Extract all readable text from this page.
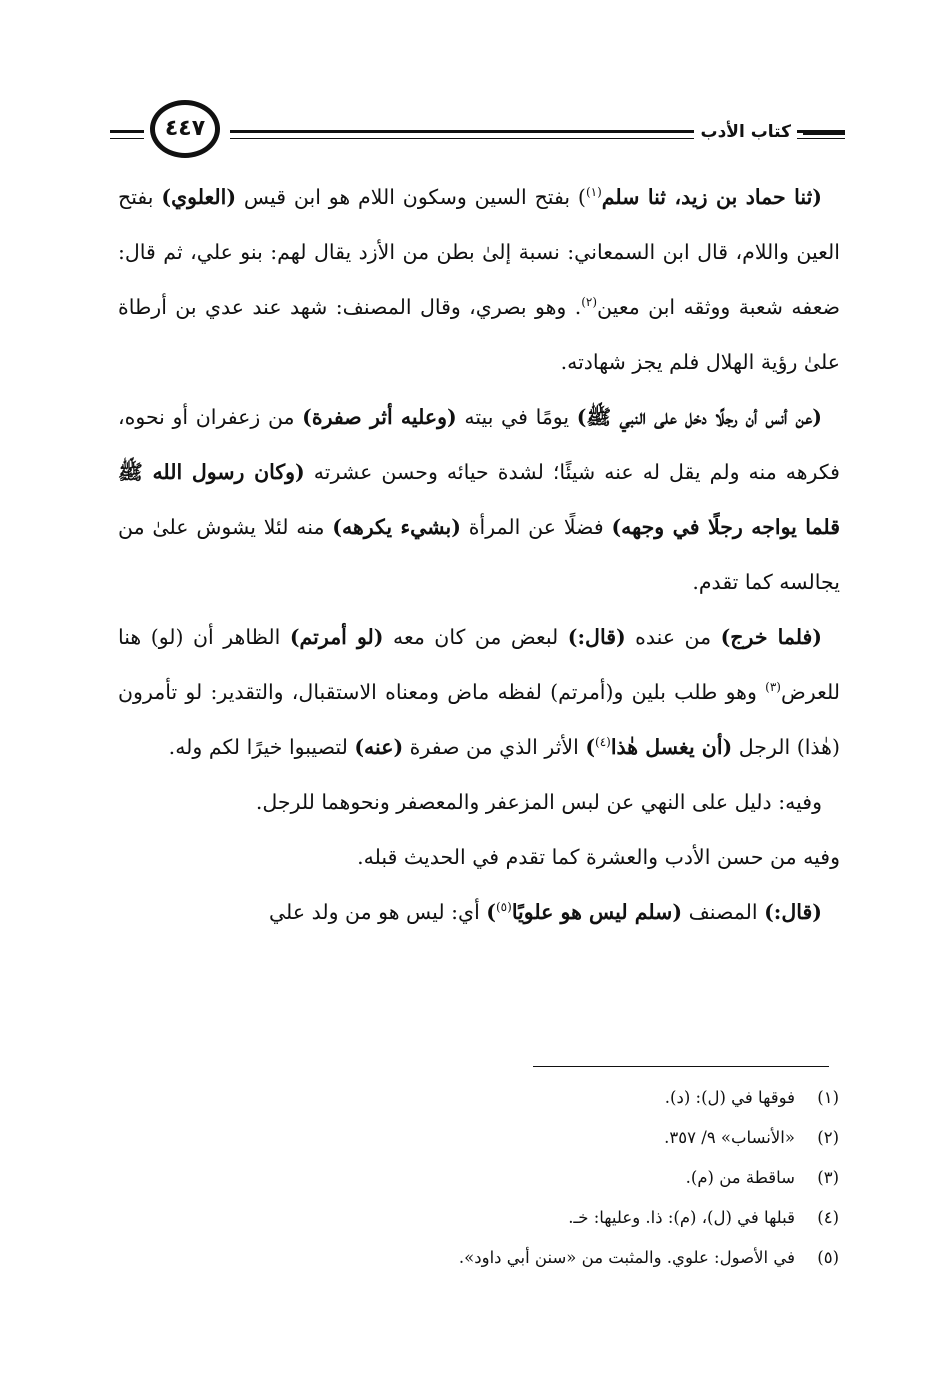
كتاب الأدب
٤٤٧

(ثنا حماد بن زيد، ثنا سلم$^{(١)}$) بفتح السين وسكون اللام هو ابن قيس (العلوي) بفتح العين واللام، قال ابن السمعاني: نسبة إلىٰ بطن من الأزد يقال لهم: بنو علي، ثم قال: ضعفه شعبة ووثقه ابن معين$^{(٢)}$. وهو بصري، وقال المصنف: شهد عند عدي بن أرطاة علىٰ رؤية الهلال فلم يجز شهادته.

(عن أنس أن رجلًا دخل على النبي ﷺ) يومًا في بيته (وعليه أثر صفرة) من زعفران أو نحوه، فكرهه منه ولم يقل له عنه شيئًا؛ لشدة حيائه وحسن عشرته (وكان رسول الله ﷺ قلما يواجه رجلًا في وجهه) فضلًا عن المرأة (بشيء يكرهه) منه لئلا يشوش علىٰ من يجالسه كما تقدم.

(فلما خرج) من عنده (قال:) لبعض من كان معه (لو أمرتم) الظاهر أن (لو) هنا للعرض$^{(٣)}$ وهو طلب بلين و(أمرتم) لفظه ماض ومعناه الاستقبال، والتقدير: لو تأمرون (هٰذا) الرجل (أن يغسل هٰذا$^{(٤)}$) الأثر الذي من صفرة (عنه) لتصيبوا خيرًا لكم وله.

وفيه: دليل على النهي عن لبس المزعفر والمعصفر ونحوهما للرجل.

وفيه من حسن الأدب والعشرة كما تقدم في الحديث قبله.

(قال:) المصنف (سلم ليس هو علويًا$^{(٥)}$) أي: ليس هو من ولد علي

(١)
فوقها في (ل): (د).
(٢)
«الأنساب» ٩/ ٣٥٧.
(٣)
ساقطة من (م).
(٤)
قبلها في (ل)، (م): ذا. وعليها: خـ.
(٥)
في الأصول: علوي. والمثبت من «سنن أبي داود».
